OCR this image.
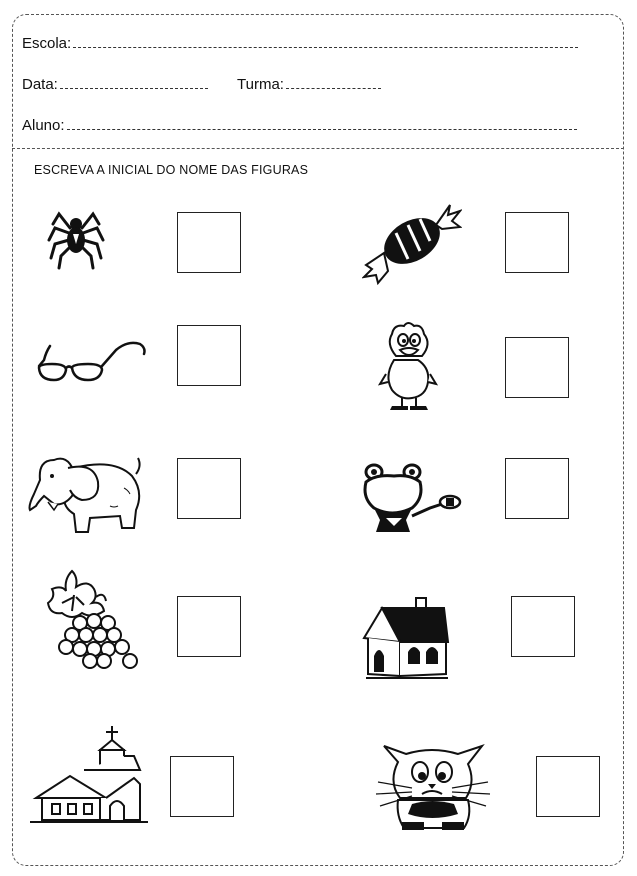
Escola:
Data:	Turma:
Aluno:
ESCREVA A INICIAL DO NOME DAS FIGURAS
